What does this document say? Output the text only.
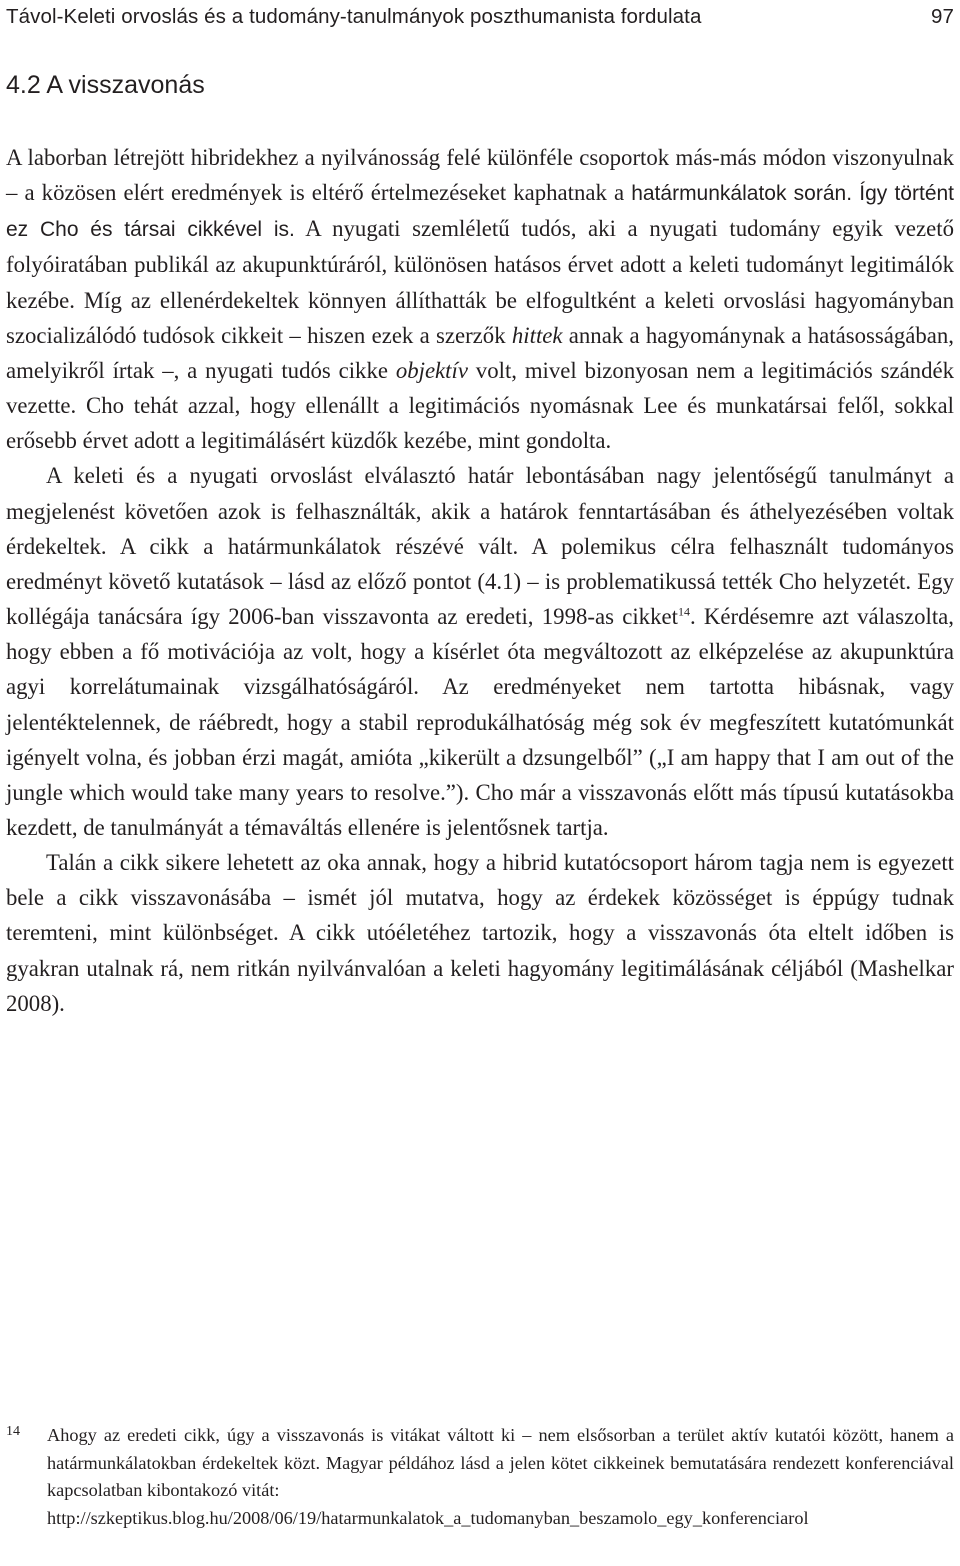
Távol-Keleti orvoslás és a tudomány-tanulmányok poszthumanista fordulata	97
4.2 A visszavonás

A laborban létrejött hibridekhez a nyilvánosság felé különféle csoportok más-más módon viszonyulnak – a közösen elért eredmények is eltérő értelmezéseket kaphatnak a határmunkálatok során. Így történt ez Cho és társai cikkével is. A nyugati szemléletű tudós, aki a nyugati tudomány egyik vezető folyóiratában publikál az akupunktúráról, különösen hatásos érvet adott a keleti tudományt legitimálók kezébe. Míg az ellenérdekeltek könnyen állíthatták be elfogultként a keleti orvoslási hagyományban szocializálódó tudósok cikkeit – hiszen ezek a szerzők hittek annak a hagyománynak a hatásosságában, amelyikről írtak –, a nyugati tudós cikke objektív volt, mivel bizonyosan nem a legitimációs szándék vezette. Cho tehát azzal, hogy ellenállt a legitimációs nyomásnak Lee és munkatársai felől, sokkal erősebb érvet adott a legitimálásért küzdők kezébe, mint gondolta.

A keleti és a nyugati orvoslást elválasztó határ lebontásában nagy jelentőségű tanulmányt a megjelenést követően azok is felhasználták, akik a határok fenntartásában és áthelyezésében voltak érdekeltek. A cikk a határmunkálatok részévé vált. A polemikus célra felhasznált tudományos eredményt követő kutatások – lásd az előző pontot (4.1) – is problematikussá tették Cho helyzetét. Egy kollégája tanácsára így 2006-ban visszavonta az eredeti, 1998-as cikket$^{14}$. Kérdésemre azt válaszolta, hogy ebben a fő motivációja az volt, hogy a kísérlet óta megváltozott az elképzelése az akupunktúra agyi korrelátumainak vizsgálhatóságáról. Az eredményeket nem tartotta hibásnak, vagy jelentéktelennek, de ráébredt, hogy a stabil reprodukálhatóság még sok év megfeszített kutatómunkát igényelt volna, és jobban érzi magát, amióta „kikerült a dzsungelből” („I am happy that I am out of the jungle which would take many years to resolve.”). Cho már a visszavonás előtt más típusú kutatásokba kezdett, de tanulmányát a témaváltás ellenére is jelentősnek tartja.

Talán a cikk sikere lehetett az oka annak, hogy a hibrid kutatócsoport három tagja nem is egyezett bele a cikk visszavonásába – ismét jól mutatva, hogy az érdekek közösséget is éppúgy tudnak teremteni, mint különbséget. A cikk utóéletéhez tartozik, hogy a visszavonás óta eltelt időben is gyakran utalnak rá, nem ritkán nyilvánvalóan a keleti hagyomány legitimálásának céljából (Mashelkar 2008).

14 Ahogy az eredeti cikk, úgy a visszavonás is vitákat váltott ki – nem elsősorban a terület aktív kutatói között, hanem a határmunkálatokban érdekeltek közt. Magyar példához lásd a jelen kötet cikkeinek bemutatására rendezett konferenciával kapcsolatban kibontakozó vitát:
http://szkeptikus.blog.hu/2008/06/19/hatarmunkalatok_a_tudomanyban_beszamolo_egy_konferenciarol
